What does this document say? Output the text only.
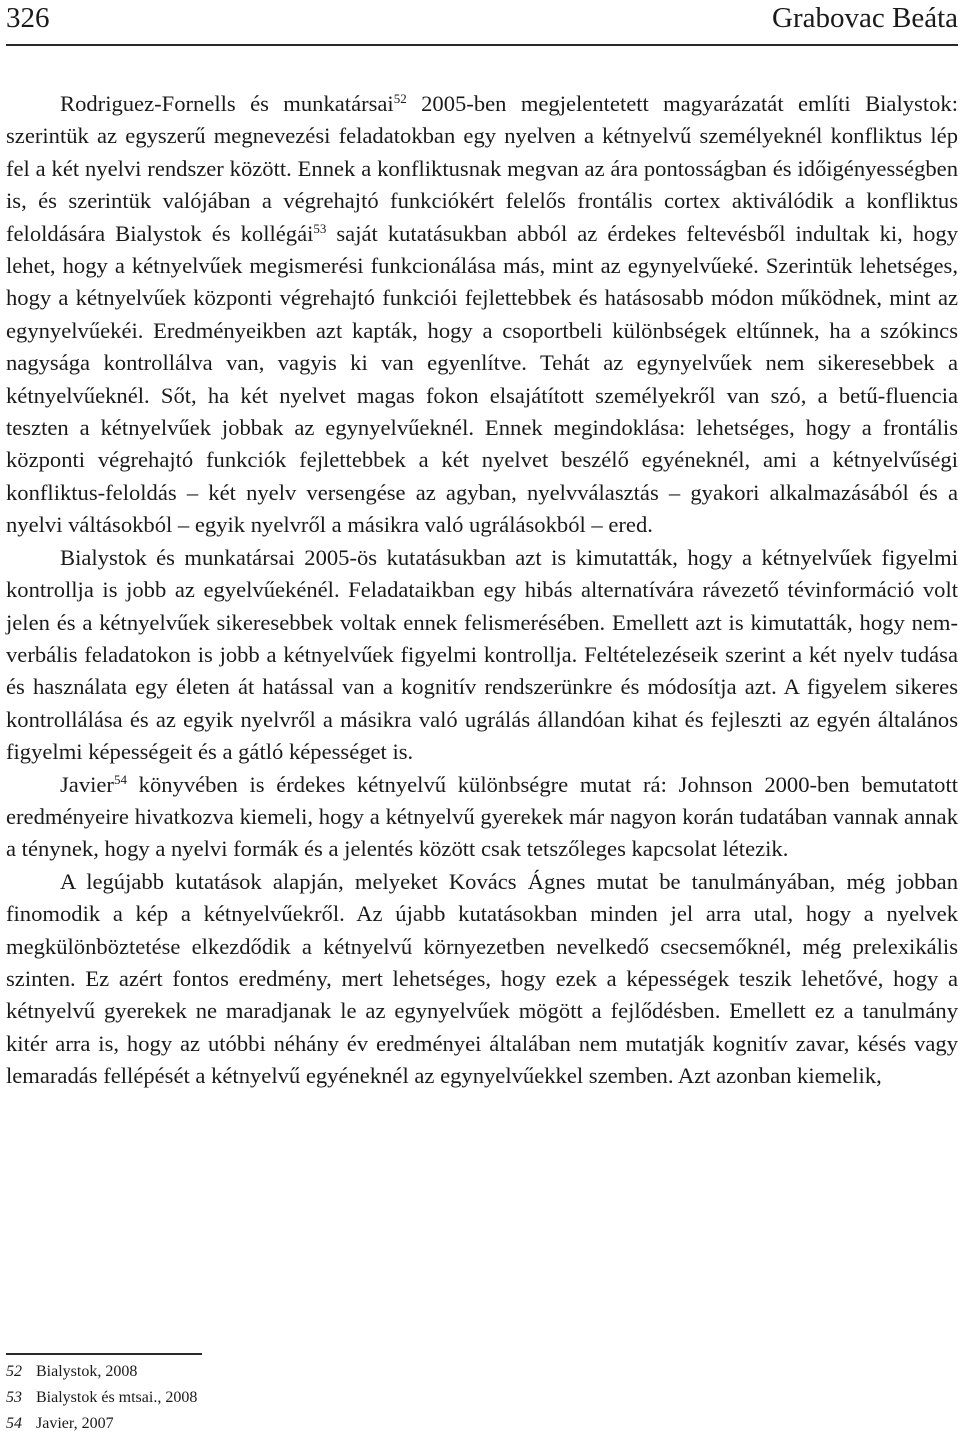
326	Grabovac Beáta

Rodriguez-Fornells és munkatársai$^{52}$ 2005-ben megjelentetett magyarázatát említi Bialystok: szerintük az egyszerű megnevezési feladatokban egy nyelven a kétnyelvű személyeknél konfliktus lép fel a két nyelvi rendszer között. Ennek a konfliktusnak megvan az ára pontosságban és időigényességben is, és szerintük valójában a végrehajtó funkciókért felelős frontális cortex aktiválódik a konfliktus feloldására Bialystok és kollégái$^{53}$ saját kutatásukban abból az érdekes feltevésből indultak ki, hogy lehet, hogy a kétnyelvűek megismerési funkcionálása más, mint az egynyelvűeké. Szerintük lehetséges, hogy a kétnyelvűek központi végrehajtó funkciói fejlettebbek és hatásosabb módon működnek, mint az egynyelvűekéi. Eredményeikben azt kapták, hogy a csoportbeli különbségek eltűnnek, ha a szókincs nagysága kontrollálva van, vagyis ki van egyenlítve. Tehát az egynyelvűek nem sikeresebbek a kétnyelvűeknél. Sőt, ha két nyelvet magas fokon elsajátított személyekről van szó, a betű-fluencia teszten a kétnyelvűek jobbak az egynyelvűeknél. Ennek megindoklása: lehetséges, hogy a frontális központi végrehajtó funkciók fejlettebbek a két nyelvet beszélő egyéneknél, ami a kétnyelvűségi konfliktus-feloldás – két nyelv versengése az agyban, nyelvválasztás – gyakori alkalmazásából és a nyelvi váltásokból – egyik nyelvről a másikra való ugrálásokból – ered.

Bialystok és munkatársai 2005-ös kutatásukban azt is kimutatták, hogy a kétnyelvűek figyelmi kontrollja is jobb az egyelvűekénél. Feladataikban egy hibás alternatívára rávezető tévinformáció volt jelen és a kétnyelvűek sikeresebbek voltak ennek felismerésében. Emellett azt is kimutatták, hogy nem-verbális feladatokon is jobb a kétnyelvűek figyelmi kontrollja. Feltételezéseik szerint a két nyelv tudása és használata egy életen át hatással van a kognitív rendszerünkre és módosítja azt. A figyelem sikeres kontrollálása és az egyik nyelvről a másikra való ugrálás állandóan kihat és fejleszti az egyén általános figyelmi képességeit és a gátló képességet is.

Javier$^{54}$ könyvében is érdekes kétnyelvű különbségre mutat rá: Johnson 2000-ben bemutatott eredményeire hivatkozva kiemeli, hogy a kétnyelvű gyerekek már nagyon korán tudatában vannak annak a ténynek, hogy a nyelvi formák és a jelentés között csak tetszőleges kapcsolat létezik.

A legújabb kutatások alapján, melyeket Kovács Ágnes mutat be tanulmányában, még jobban finomodik a kép a kétnyelvűekről. Az újabb kutatásokban minden jel arra utal, hogy a nyelvek megkülönböztetése elkezdődik a kétnyelvű környezetben nevelkedő csecsemőknél, még prelexikális szinten. Ez azért fontos eredmény, mert lehetséges, hogy ezek a képességek teszik lehetővé, hogy a kétnyelvű gyerekek ne maradjanak le az egynyelvűek mögött a fejlődésben. Emellett ez a tanulmány kitér arra is, hogy az utóbbi néhány év eredményei általában nem mutatják kognitív zavar, késés vagy lemaradás fellépését a kétnyelvű egyéneknél az egynyelvűekkel szemben. Azt azonban kiemelik,

52 Bialystok, 2008
53 Bialystok és mtsai., 2008
54 Javier, 2007
